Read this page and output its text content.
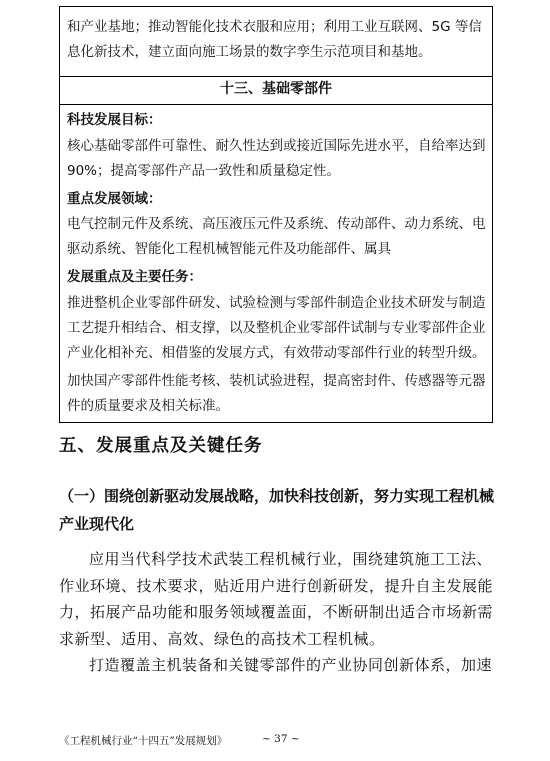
和产业基地；推动智能化技术衣服和应用；利用工业互联网、5G 等信息化新技术，建立面向施工场景的数字孪生示范项目和基地。
十三、基础零部件
科技发展目标：
核心基础零部件可靠性、耐久性达到或接近国际先进水平，自给率达到 90%；提高零部件产品一致性和质量稳定性。
重点发展领域：
电气控制元件及系统、高压液压元件及系统、传动部件、动力系统、电驱动系统、智能化工程机械智能元件及功能部件、属具
发展重点及主要任务：
推进整机企业零部件研发、试验检测与零部件制造企业技术研发与制造工艺提升相结合、相支撑，以及整机企业零部件试制与专业零部件企业产业化相补充、相借鉴的发展方式，有效带动零部件行业的转型升级。
加快国产零部件性能考核、装机试验进程，提高密封件、传感器等元器件的质量要求及相关标准。
五、发展重点及关键任务
（一）围绕创新驱动发展战略，加快科技创新，努力实现工程机械产业现代化
应用当代科学技术武装工程机械行业，围绕建筑施工工法、作业环境、技术要求，贴近用户进行创新研发，提升自主发展能力，拓展产品功能和服务领域覆盖面，不断研制出适合市场新需求新型、适用、高效、绿色的高技术工程机械。
打造覆盖主机装备和关键零部件的产业协同创新体系，加速
《工程机械行业“十四五”发展规划》	~ 37 ~
